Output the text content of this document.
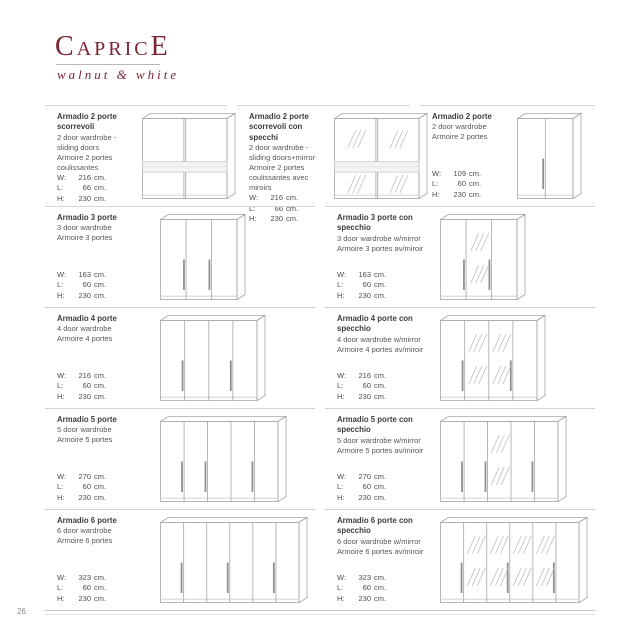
CAPRICE
walnut & white
Armadio 2 porte scorrevoli
2 door wardrobe - sliding doors
Armoire 2 portes coulissantes
W: 216 cm.
L:	66 cm.
H: 230 cm.
Armadio 2 porte scorrevoli con specchi
2 door wardrobe - sliding doors+mirror
Armoire 2 portes coulissantes avec miroirs
W: 216 cm.
L:	66 cm.
H: 230 cm.
Armadio 2 porte
2 door wardrobe
Armoire 2 portes
W: 109 cm.
L:	60 cm.
H: 230 cm.
Armadio 3 porte
3 door wardrobe
Armoire 3 portes
W: 163 cm.
L:	60 cm.
H: 230 cm.
Armadio 3 porte con specchio
3 door wardrobe w/mirror
Armoire 3 portes av/miroir
W: 163 cm.
L:	60 cm.
H: 230 cm.
Armadio 4 porte
4 door wardrobe
Armoire 4 portes
W: 216 cm.
L:	60 cm.
H: 230 cm.
Armadio 4 porte con specchio
4 door wardrobe w/mirror
Armoire 4 portes av/miroir
W: 216 cm.
L:	60 cm.
H: 230 cm.
Armadio 5 porte
5 door wardrobe
Armoire 5 portes
W: 270 cm.
L:	60 cm.
H: 230 cm.
Armadio 5 porte con specchio
5 door wardrobe w/mirror
Armoire 5 portes av/miroir
W: 270 cm.
L:	60 cm.
H: 230 cm.
Armadio 6 porte
6 door wardrobe
Armoire 6 portes
W: 323 cm.
L:	60 cm.
H: 230 cm.
Armadio 6 porte con specchio
6 door wardrobe w/mirror
Armoire 6 portes av/miroir
W: 323 cm.
L:	60 cm.
H: 230 cm.
26
